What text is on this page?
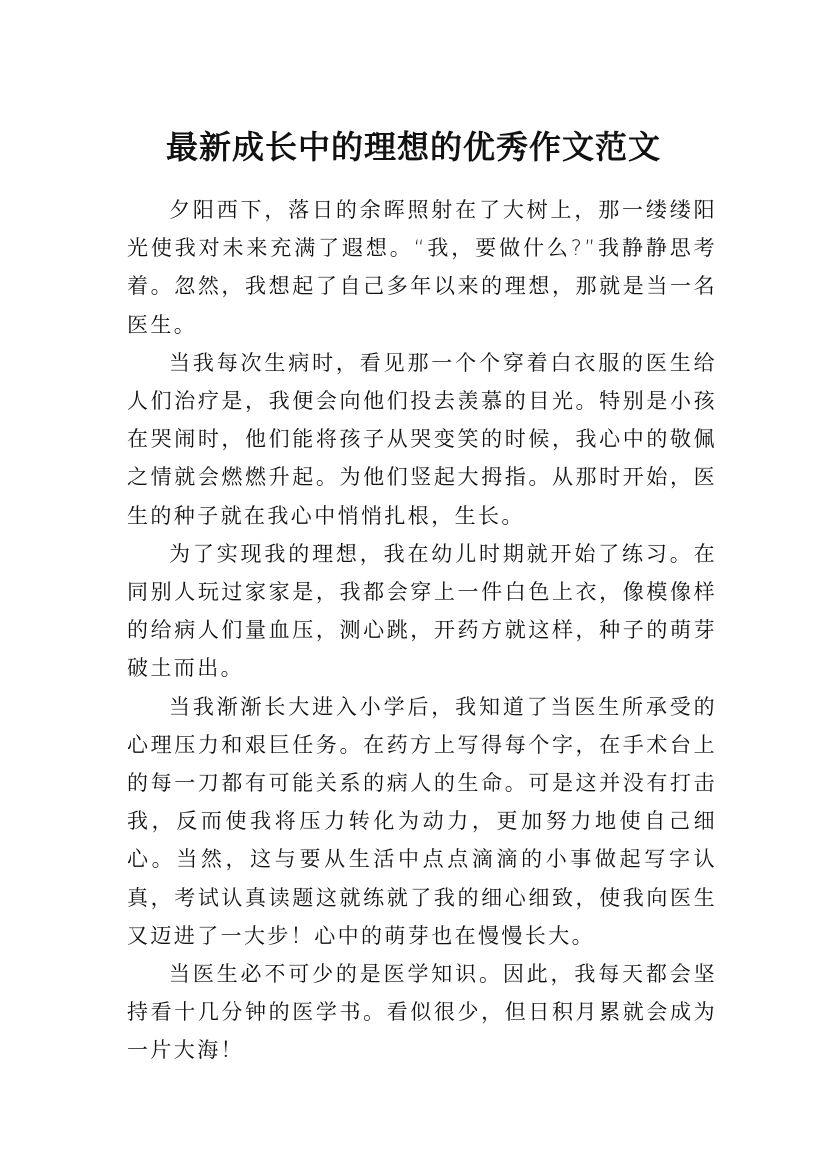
最新成长中的理想的优秀作文范文

夕阳西下，落日的余晖照射在了大树上，那一缕缕阳光使我对未来充满了遐想。“我，要做什么?”我静静思考着。忽然，我想起了自己多年以来的理想，那就是当一名医生。

当我每次生病时，看见那一个个穿着白衣服的医生给人们治疗是，我便会向他们投去羡慕的目光。特别是小孩在哭闹时，他们能将孩子从哭变笑的时候，我心中的敬佩之情就会燃燃升起。为他们竖起大拇指。从那时开始，医生的种子就在我心中悄悄扎根，生长。

为了实现我的理想，我在幼儿时期就开始了练习。在同别人玩过家家是，我都会穿上一件白色上衣，像模像样的给病人们量血压，测心跳，开药方就这样，种子的萌芽破土而出。

当我渐渐长大进入小学后，我知道了当医生所承受的心理压力和艰巨任务。在药方上写得每个字，在手术台上的每一刀都有可能关系的病人的生命。可是这并没有打击我，反而使我将压力转化为动力，更加努力地使自己细心。当然，这与要从生活中点点滴滴的小事做起写字认真，考试认真读题这就练就了我的细心细致，使我向医生又迈进了一大步！心中的萌芽也在慢慢长大。

当医生必不可少的是医学知识。因此，我每天都会坚持看十几分钟的医学书。看似很少，但日积月累就会成为一片大海！
